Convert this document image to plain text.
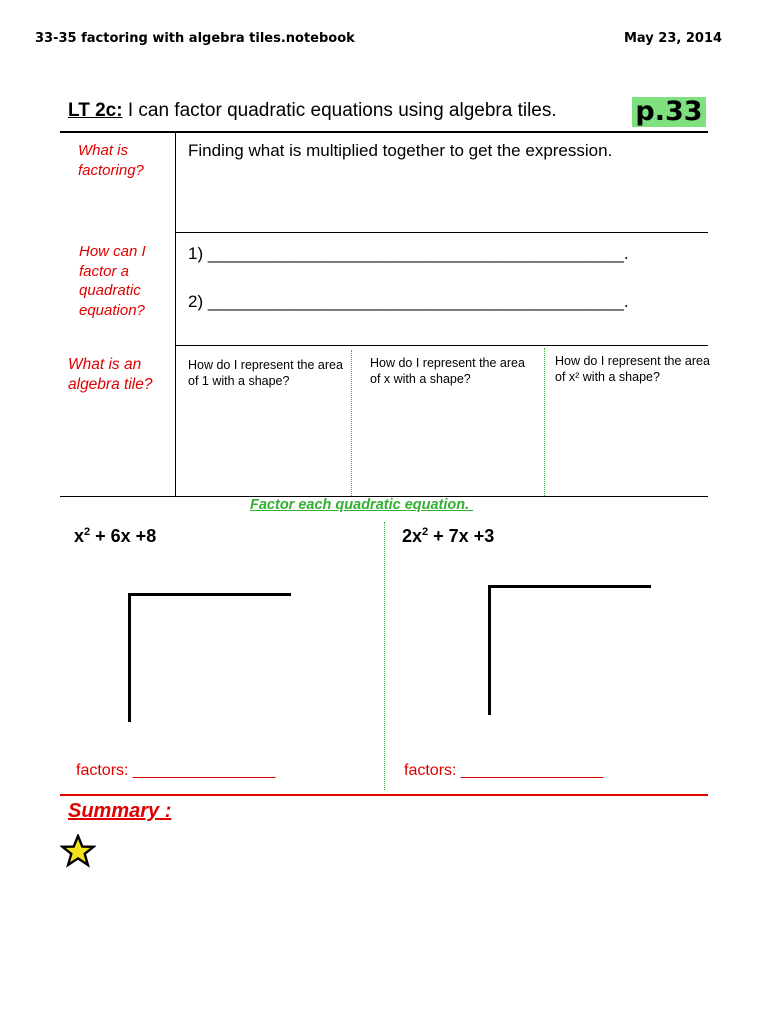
33-35 factoring with algebra tiles.notebook	May 23, 2014
LT 2c: I can factor quadratic equations using algebra tiles.	p.33
What is factoring?
Finding what is multiplied together to get the expression.
How can I factor a quadratic equation?
1) ____________________________________________.
2) ____________________________________________.
What is an algebra tile?
How do I represent the area of 1 with a shape?
How do I represent the area of x with a shape?
How do I represent the area of x² with a shape?
Factor each quadratic equation.
$x^2 + 6x +8$	$2x^2 + 7x +3$
factors: ________________	factors: ________________
Summary :
